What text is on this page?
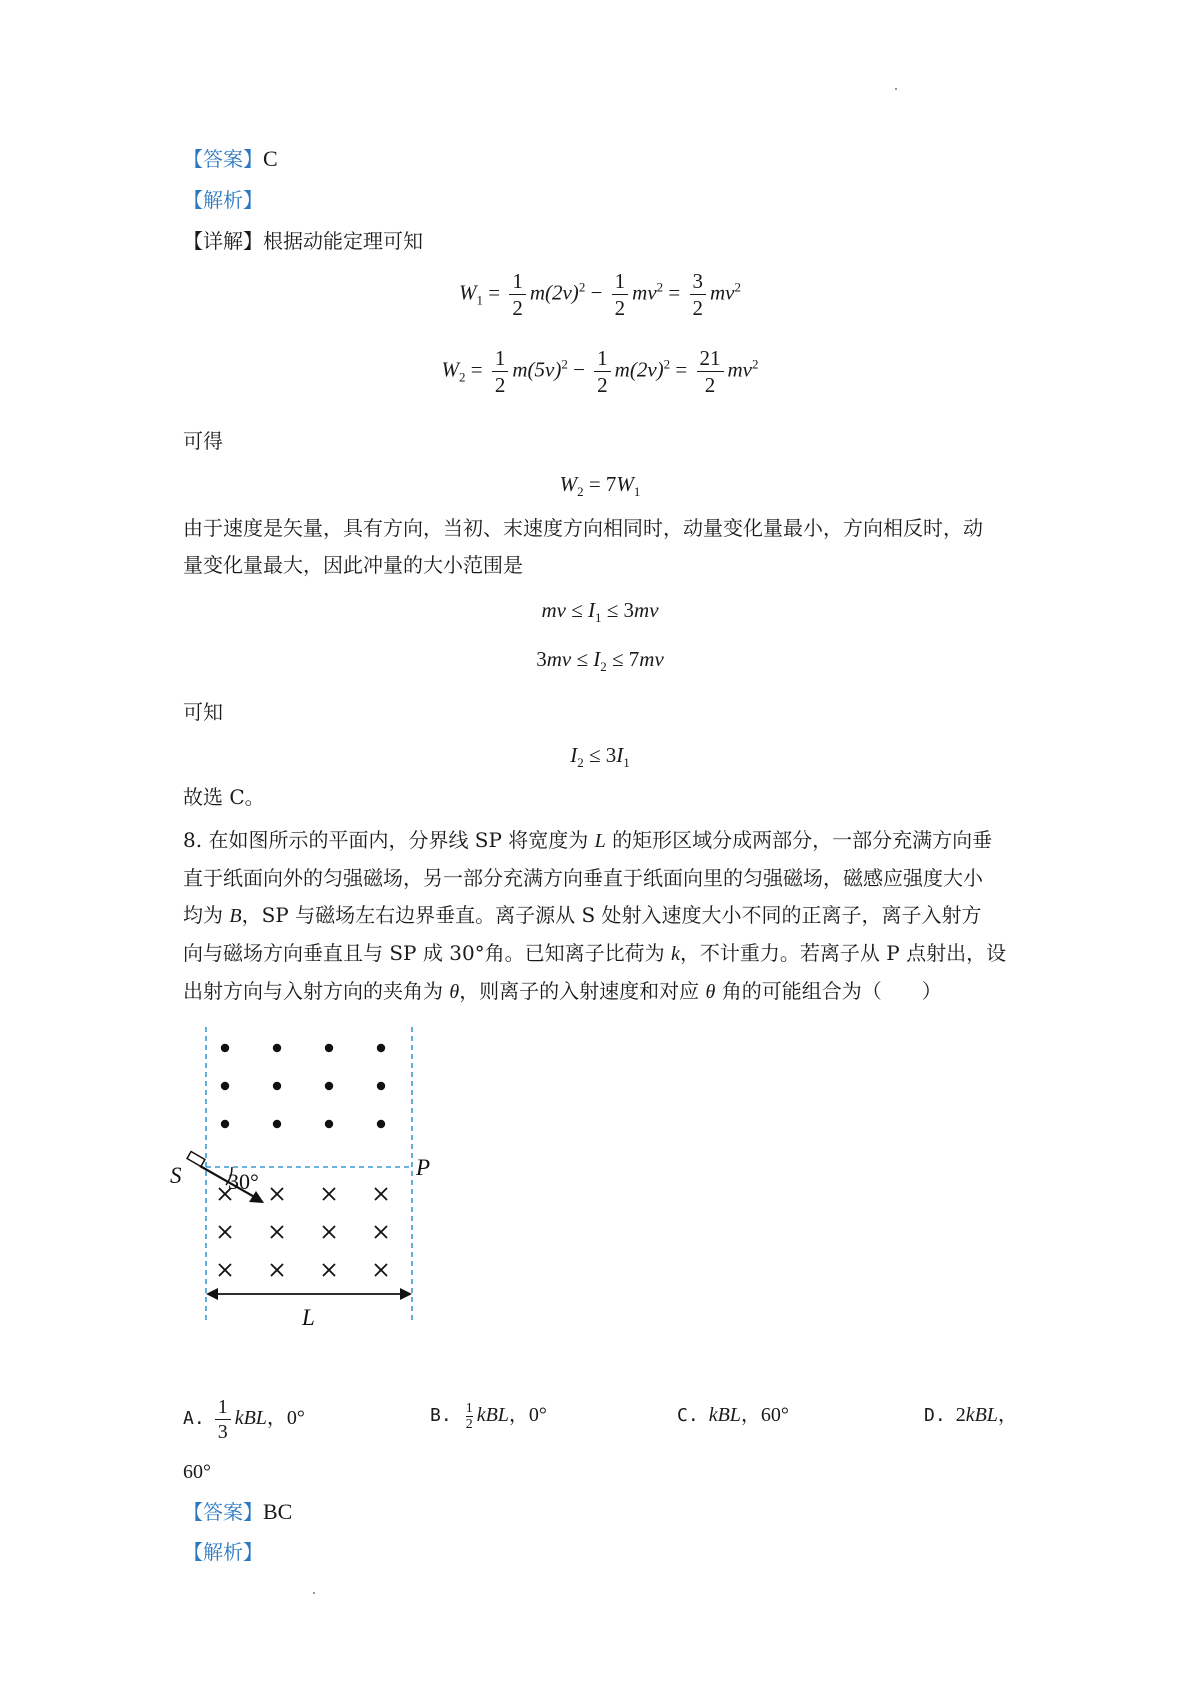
【答案】C
【解析】
【详解】根据动能定理可知
$W_1 = \frac{1}{2} m(2v)^2 - \frac{1}{2} mv^2 = \frac{3}{2} mv^2$
$W_2 = \frac{1}{2} m(5v)^2 - \frac{1}{2} m(2v)^2 = \frac{21}{2} mv^2$
可得
$W_2 = 7W_1$
由于速度是矢量，具有方向，当初、末速度方向相同时，动量变化量最小，方向相反时，动
量变化量最大，因此冲量的大小范围是
mv ≤ $I_1 \le 3mv$
$3mv \le I_2 \le 7mv$
可知
$I_2 \le 3I_1$
故选 C。
8. 在如图所示的平面内，分界线 SP 将宽度为 L 的矩形区域分成两部分，一部分充满方向垂
直于纸面向外的匀强磁场，另一部分充满方向垂直于纸面向里的匀强磁场，磁感应强度大小
均为 B，SP 与磁场左右边界垂直。离子源从 S 处射入速度大小不同的正离子，离子入射方
向与磁场方向垂直且与 SP 成 30°角。已知离子比荷为 k，不计重力。若离子从 P 点射出，设
出射方向与入射方向的夹角为 θ，则离子的入射速度和对应 θ 角的可能组合为（　　）
30°
S	P
L
A. $\frac{1}{3}$ kBL，0°	B. $\frac{1}{2}$ kBL，0°	C. kBL，60°	D. 2kBL，
60°
【答案】BC
【解析】
